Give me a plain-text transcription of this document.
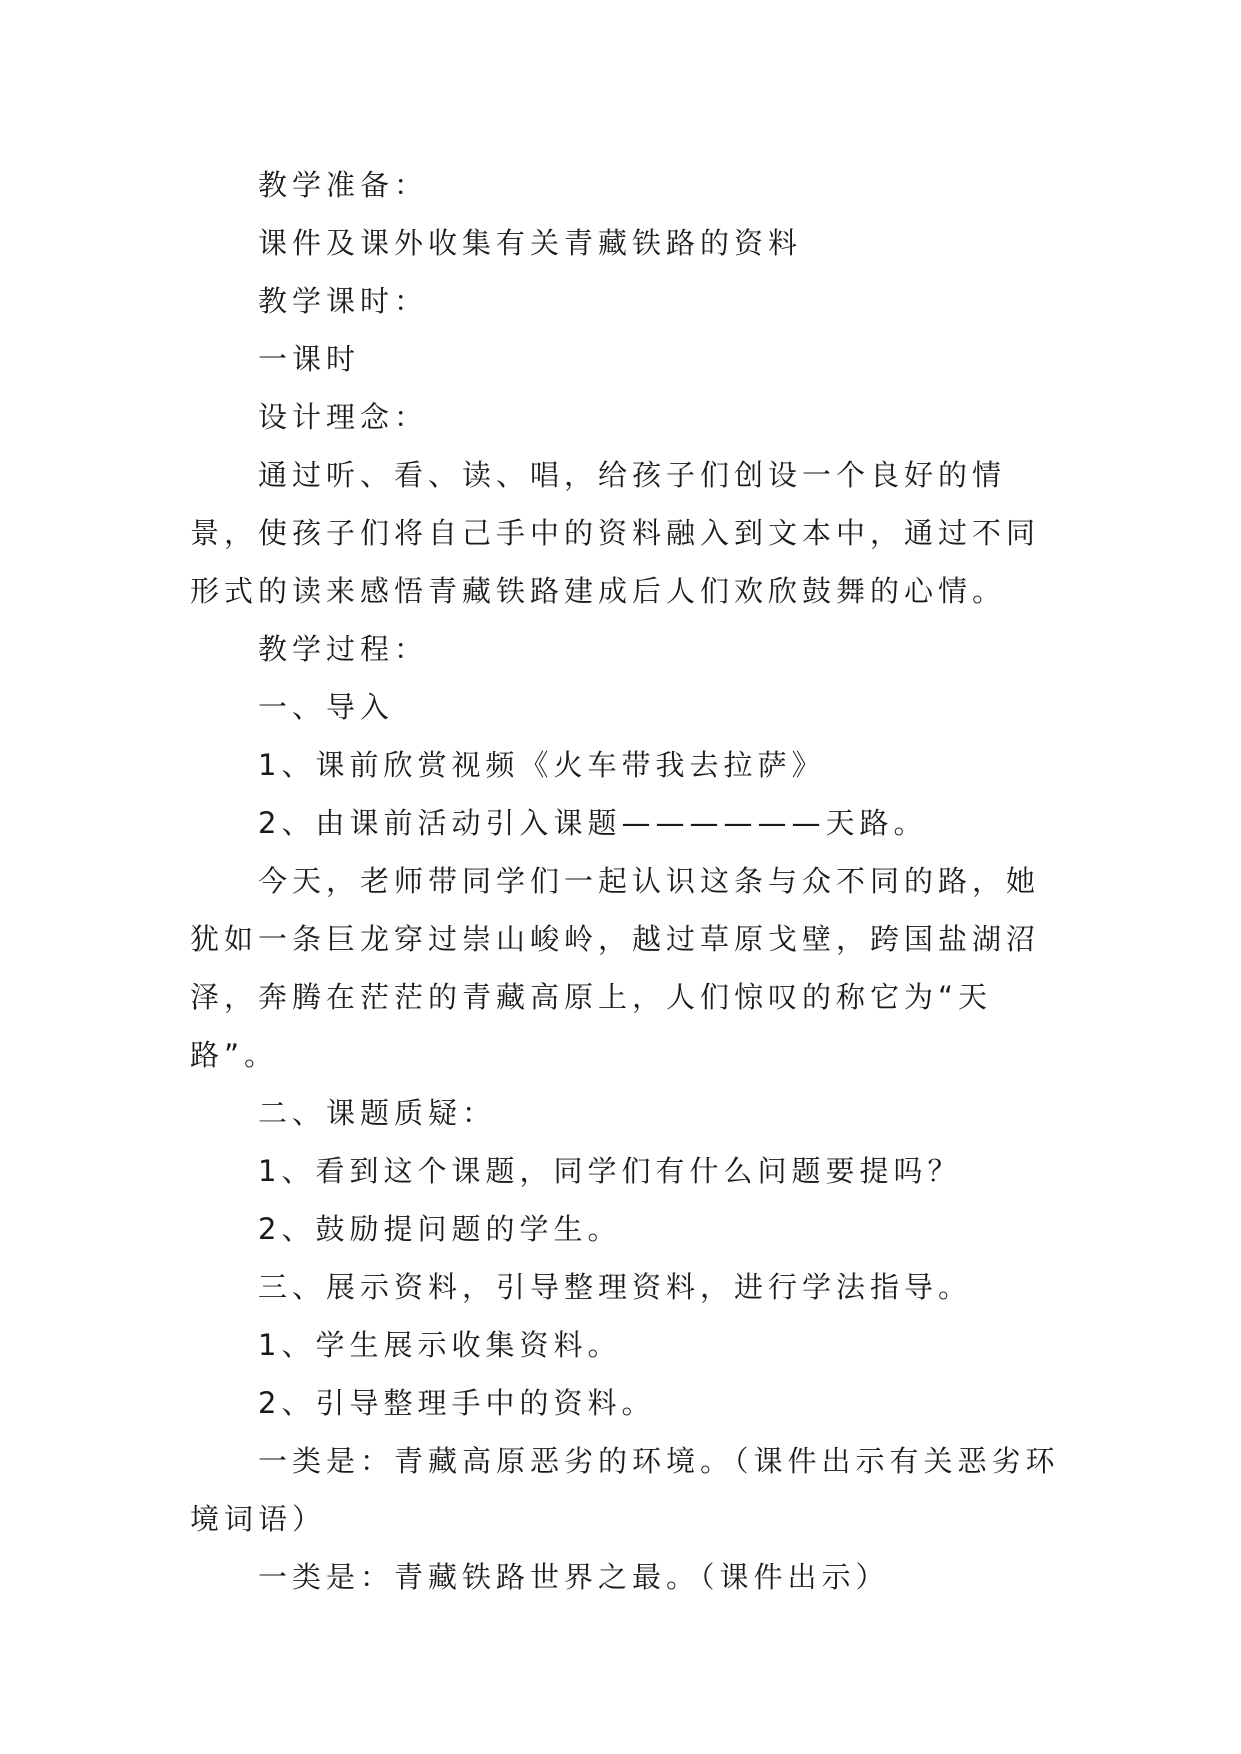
教学准备：

课件及课外收集有关青藏铁路的资料

教学课时：

一课时

设计理念：

通过听、看、读、唱，给孩子们创设一个良好的情景，使孩子们将自己手中的资料融入到文本中，通过不同形式的读来感悟青藏铁路建成后人们欢欣鼓舞的心情。

教学过程：

一、导入

1、课前欣赏视频《火车带我去拉萨》

2、由课前活动引入课题——————天路。

今天，老师带同学们一起认识这条与众不同的路，她犹如一条巨龙穿过崇山峻岭，越过草原戈壁，跨国盐湖沼泽，奔腾在茫茫的青藏高原上，人们惊叹的称它为“天路”。

二、课题质疑：

1、看到这个课题，同学们有什么问题要提吗？

2、鼓励提问题的学生。

三、展示资料，引导整理资料，进行学法指导。

1、学生展示收集资料。

2、引导整理手中的资料。

一类是：青藏高原恶劣的环境。（课件出示有关恶劣环境词语）

一类是：青藏铁路世界之最。（课件出示）
